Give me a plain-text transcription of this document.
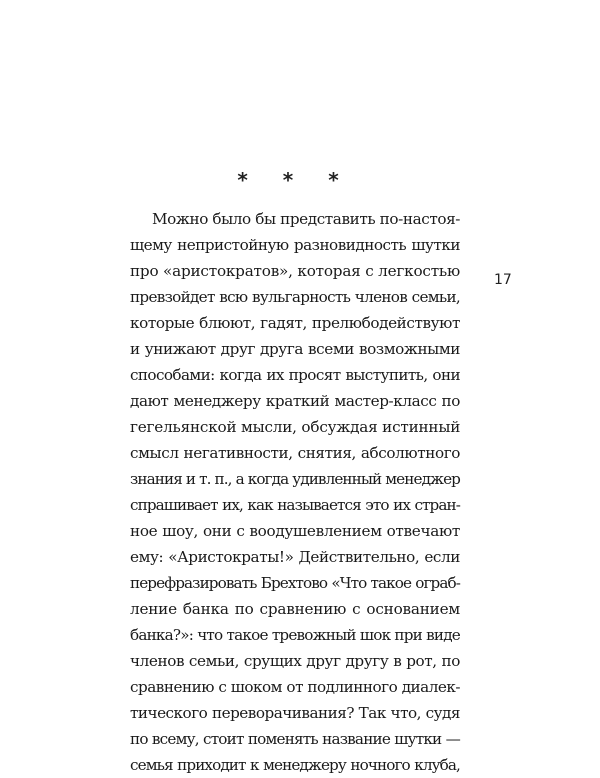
* * *
17
Можно было бы представить по-настоя-
щему непристойную разновидность шутки
про «аристократов», которая с легкостью
превзойдет всю вульгарность членов семьи,
которые блюют, гадят, прелюбодействуют
и унижают друг друга всеми возможными
способами: когда их просят выступить, они
дают менеджеру краткий мастер-класс по
гегельянской мысли, обсуждая истинный
смысл негативности, снятия, абсолютного
знания и т. п., а когда удивленный менеджер
спрашивает их, как называется это их стран-
ное шоу, они с воодушевлением отвечают
ему: «Аристократы!» Действительно, если
перефразировать Брехтово «Что такое ограб-
ление банка по сравнению с основанием
банка?»: что такое тревожный шок при виде
членов семьи, срущих друг другу в рот, по
сравнению с шоком от подлинного диалек-
тического переворачивания? Так что, судя
по всему, стоит поменять название шутки —
семья приходит к менеджеру ночного клуба,
